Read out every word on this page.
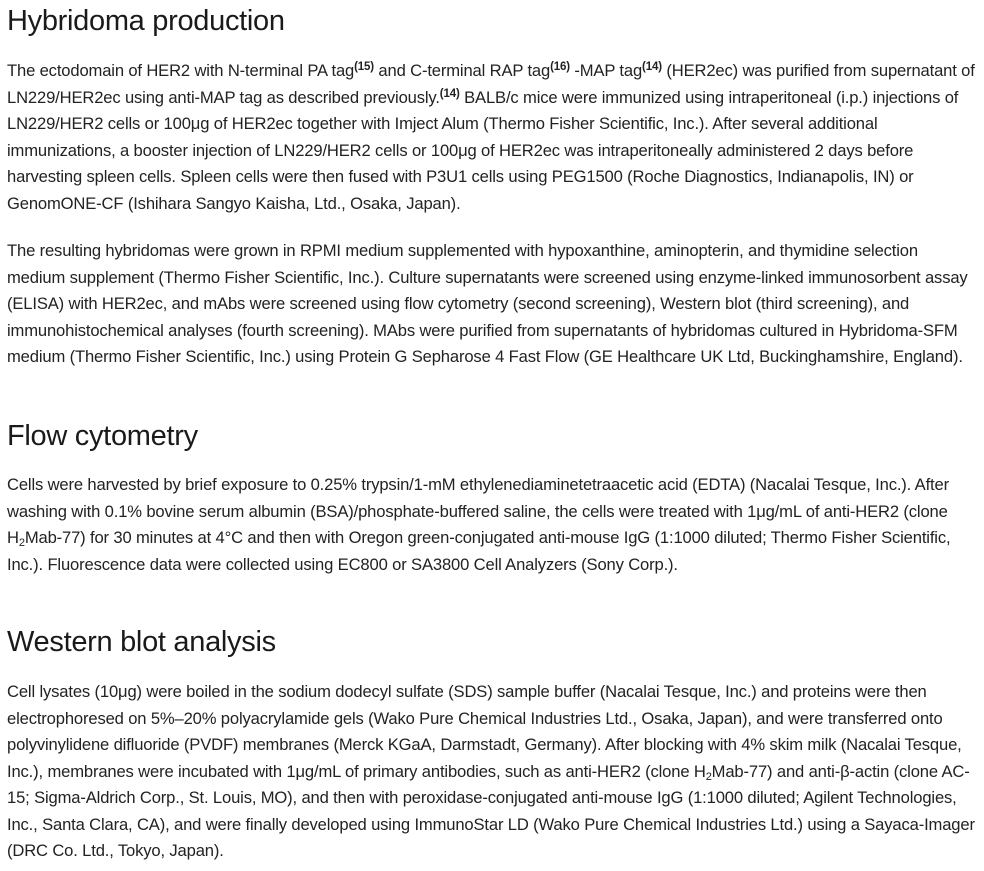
Hybridoma production

The ectodomain of HER2 with N-terminal PA tag$^{(15)}$ and C-terminal RAP tag$^{(16)}$ -MAP tag$^{(14)}$ (HER2ec) was purified from supernatant of LN229/HER2ec using anti-MAP tag as described previously.$^{(14)}$ BALB/c mice were immunized using intraperitoneal (i.p.) injections of LN229/HER2 cells or 100μg of HER2ec together with Imject Alum (Thermo Fisher Scientific, Inc.). After several additional immunizations, a booster injection of LN229/HER2 cells or 100μg of HER2ec was intraperitoneally administered 2 days before harvesting spleen cells. Spleen cells were then fused with P3U1 cells using PEG1500 (Roche Diagnostics, Indianapolis, IN) or GenomONE-CF (Ishihara Sangyo Kaisha, Ltd., Osaka, Japan).

The resulting hybridomas were grown in RPMI medium supplemented with hypoxanthine, aminopterin, and thymidine selection medium supplement (Thermo Fisher Scientific, Inc.). Culture supernatants were screened using enzyme-linked immunosorbent assay (ELISA) with HER2ec, and mAbs were screened using flow cytometry (second screening), Western blot (third screening), and immunohistochemical analyses (fourth screening). MAbs were purified from supernatants of hybridomas cultured in Hybridoma-SFM medium (Thermo Fisher Scientific, Inc.) using Protein G Sepharose 4 Fast Flow (GE Healthcare UK Ltd, Buckinghamshire, England).

Flow cytometry

Cells were harvested by brief exposure to 0.25% trypsin/1-mM ethylenediaminetetraacetic acid (EDTA) (Nacalai Tesque, Inc.). After washing with 0.1% bovine serum albumin (BSA)/phosphate-buffered saline, the cells were treated with 1μg/mL of anti-HER2 (clone $H_2Mab-77$) for 30 minutes at 4°C and then with Oregon green-conjugated anti-mouse IgG (1:1000 diluted; Thermo Fisher Scientific, Inc.). Fluorescence data were collected using EC800 or SA3800 Cell Analyzers (Sony Corp.).

Western blot analysis

Cell lysates (10μg) were boiled in the sodium dodecyl sulfate (SDS) sample buffer (Nacalai Tesque, Inc.) and proteins were then electrophoresed on 5%–20% polyacrylamide gels (Wako Pure Chemical Industries Ltd., Osaka, Japan), and were transferred onto polyvinylidene difluoride (PVDF) membranes (Merck KGaA, Darmstadt, Germany). After blocking with 4% skim milk (Nacalai Tesque, Inc.), membranes were incubated with 1μg/mL of primary antibodies, such as anti-HER2 (clone $H_2Mab-77$) and anti-β-actin (clone AC-15; Sigma-Aldrich Corp., St. Louis, MO), and then with peroxidase-conjugated anti-mouse IgG (1:1000 diluted; Agilent Technologies, Inc., Santa Clara, CA), and were finally developed using ImmunoStar LD (Wako Pure Chemical Industries Ltd.) using a Sayaca-Imager (DRC Co. Ltd., Tokyo, Japan).
